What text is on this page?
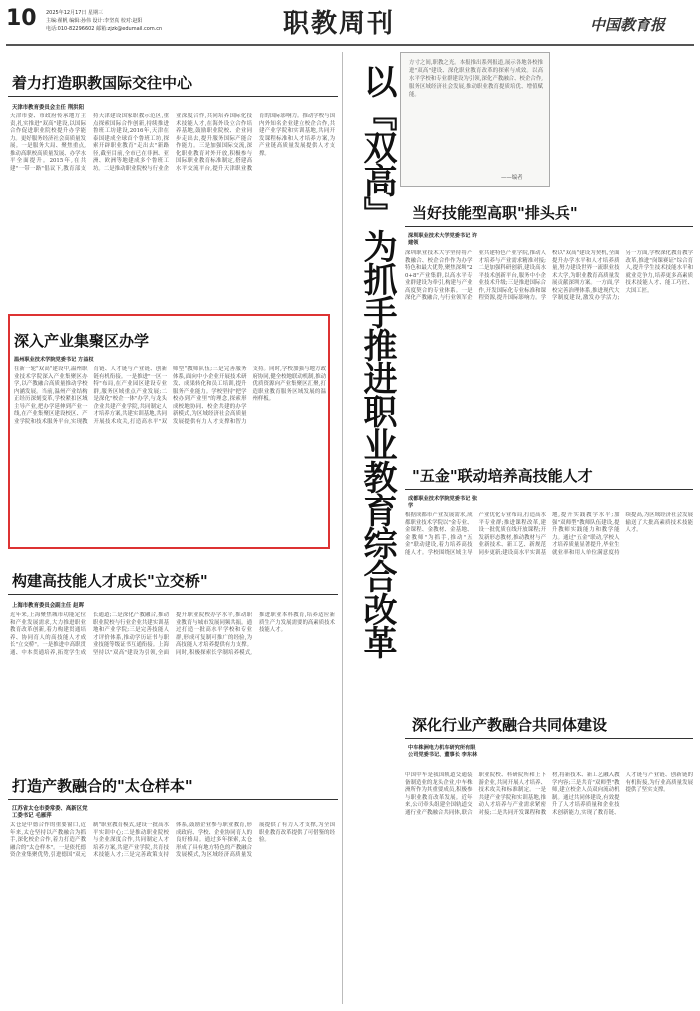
10 2025年12月17日 星期三
主编:翟帆 编辑:孙伟 设计:李坚真 校对:赵阳
电话:010-82296602 邮箱:zjzk@edumail.com.cn	职教周刊	中国教育报
着力打造职教国际交往中心
天津市教育委员会主任 荆洪阳
天津市委、市政府传承地方主责,扎实推进"双高"建设,以国际合作促进职业院校提升办学能力。更好服务经济社会高质量发展。一是服务大局、聚焦重点,推动高职校高质量发展、办学水平全面提升。2015年,在共建"一带一路"倡议下,教育部支持天津建设国家职教示范区,重点探索国际合作创新,持续推进鲁班工坊建设,2016年,天津在泰国建成全球首个鲁班工坊,探索开辟职业教育"走出去"新路径,截至目前,全市已在非洲、亚洲、欧洲等地建成多个鲁班工坊。二是推动职业院校与行业企业深度合作,共同培养国际化技术技能人才,在海外设立合作培养基地,鼓励职业院校、企业同步走出去,提升服务国际产能合作能力。三是加强国际交流,深化职业教育对外开放,积极参与国际职业教育标准制定,搭建高水平交流平台,提升天津职业教育的国际影响力。推动学校与国内外知名企业建立校企合作,共建产业学院和实训基地,共同开发课程标准和人才培养方案,为产业链高质量发展提供人才支撑。
方寸之间,职教之光。本报推出系列报道,展示各地各校推进"双高"建设、深化职业教育改革的探索与成效。以高水平学校和专业群建设为引领,深化产教融合、校企合作,服务区域经济社会发展,推动职业教育提质培优、增值赋能。
——编者
以『双高』为抓手推进职业教育综合改革
深入产业集聚区办学
温州职业技术学院党委书记 方益权
在新一轮"双高"建设中,温州职业技术学院深入产业集聚区办学,以产教融合高质量推动学校内涵发展。当前,温州产业结构正经历深刻变革,学校紧扣区域主导产业,把办学延伸到产业一线,在产业集聚区建设校区、产业学院和技术服务平台,实现教育链、人才链与产业链、创新链有机衔接。一是推进"一区一特"布局,在产业园区建设专业群,服务区域重点产业发展;二是深化"校企一体"办学,与龙头企业共建产业学院,共同制定人才培养方案,共建实训基地,共同开展技术攻关,打造高水平"双师型"教师队伍;三是完善服务体系,面向中小企业开展技术研发、成果转化和员工培训,提升服务产业能力。学校坚持"把学校办到产业里"的理念,探索形成校地协同、校企共建的办学新模式,为区域经济社会高质量发展提供有力人才支撑和智力支持。同时,学校加强与地方政府协同,健全校地联动机制,推动优质资源向产业集聚区汇聚,打造职业教育服务区域发展的温州样板。
构建高技能人才成长"立交桥"
上海市教育委员会副主任 赵晖
近年来,上海聚焦城市功能定位和产业发展需求,大力推进职业教育改革创新,着力构建贯通培养、协同育人的高技能人才成长"立交桥"。一是推进中高职贯通、中本贯通培养,拓宽学生成长通道;二是深化产教融合,推动职业院校与行业企业共建实训基地和产业学院;三是完善技能人才评价体系,推动学历证书与职业技能等级证书互通衔接。上海坚持以"双高"建设为引领,全面提升职业院校办学水平,推动职业教育与城市发展同频共振。通过打造一批高水平学校和专业群,形成可复制可推广的经验,为高技能人才培养提供有力支撑。同时,积极探索长学制培养模式,推进职业本科教育,培养适应新质生产力发展需要的高素质技术技能人才。
打造产教融合的"太仓样本"
江苏省太仓市委常委、高新区党工委书记 毛雁萍
太仓是中德合作的重要窗口,近年来,太仓坚持以产教融合为抓手,深化校企合作,着力打造产教融合的"太仓样本"。一是依托德资企业集聚优势,引进德国"双元制"职业教育模式,建设一批高水平实训中心;二是推动职业院校与企业深度合作,共同制定人才培养方案,共建产业学院,共育技术技能人才;三是完善政策支持体系,鼓励企业参与职业教育,形成政府、学校、企业协同育人的良好格局。通过多年探索,太仓形成了具有地方特色的产教融合发展模式,为区域经济高质量发展提供了有力人才支撑,为全国职业教育改革提供了可借鉴的经验。
当好技能型高职"排头兵"
深圳职业技术大学党委书记 许建领
深圳职业技术大学坚持将产教融合、校企合作作为办学特色和最大优势,聚焦深圳"20+8"产业集群,以高水平专业群建设为牵引,构建与产业高度契合的专业体系。一是深化产教融合,与行业领军企业共建特色产业学院,推动人才培养与产业需求精准对接;二是加强科研创新,建设高水平技术创新平台,服务中小企业技术升级;三是推进国际合作,开发国际化专业标准和课程资源,提升国际影响力。学校以"双高"建设为契机,全面提升办学水平和人才培养质量,努力建设世界一流职业技术大学,为职业教育高质量发展贡献深圳方案。一方面,学校完善治理体系,推进现代大学制度建设,激发办学活力;另一方面,学校深化教育教学改革,推进"岗课赛证"综合育人,提升学生技术技能水平和就业竞争力,培养更多高素质技术技能人才、能工巧匠、大国工匠。
"五金"联动培养高技能人才
成都职业技术学院党委书记 张学
根据成都市产业发展需求,成都职业技术学院以"金专业、金课程、金教材、金基地、金教师"为抓手,推动"五金"联动建设,着力培养高技能人才。学校围绕区域主导产业优化专业布局,打造高水平专业群;推进课程改革,建设一批优质在线开放课程;开发新形态教材,推动教材与产业新技术、新工艺、新规范同步更新;建设高水平实训基地,提升实践教学水平;加强"双师型"教师队伍建设,提升教师实践能力和教学能力。通过"五金"联动,学校人才培养质量显著提升,毕业生就业率和用人单位满意度持续提高,为区域经济社会发展输送了大批高素质技术技能人才。
深化行业产教融合共同体建设
中车株洲电力机车研究所有限公司党委书记、董事长 李东林
中国中车是我国轨道交通装备制造业的龙头企业,中车株洲所作为其重要成员,积极参与职业教育改革发展。近年来,公司牵头组建全国轨道交通行业产教融合共同体,联合职业院校、科研院所和上下游企业,共同开展人才培养、技术攻关和标准制定。一是共建产业学院和实训基地,推动人才培养与产业需求紧密对接;二是共同开发课程和教材,将新技术、新工艺融入教学内容;三是共育"双师型"教师,建立校企人员双向流动机制。通过共同体建设,有效提升了人才培养质量和企业技术创新能力,实现了教育链、人才链与产业链、创新链的有机衔接,为行业高质量发展提供了坚实支撑。
